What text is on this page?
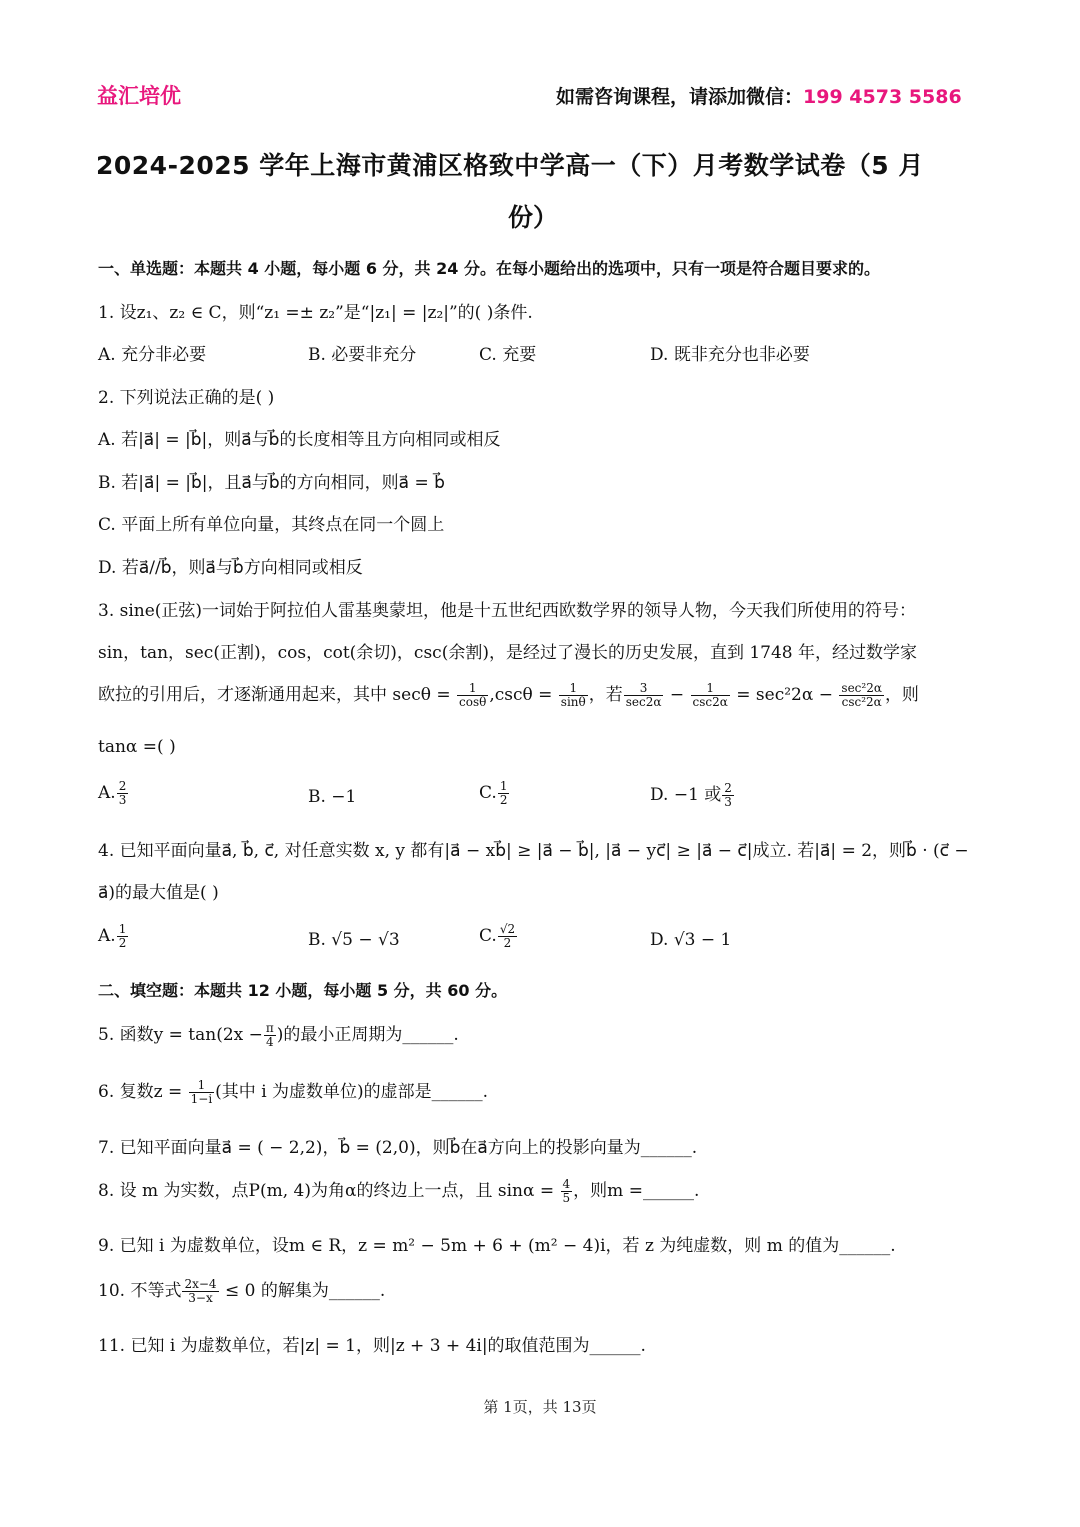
益汇培优	如需咨询课程，请添加微信：199 4573 5586
2024-2025 学年上海市黄浦区格致中学高一（下）月考数学试卷（5 月
份）
一、单选题：本题共 4 小题，每小题 6 分，共 24 分。在每小题给出的选项中，只有一项是符合题目要求的。
1. 设z₁、z₂ ∈ C，则“z₁ =± z₂”是“|z₁| = |z₂|”的( )条件.
A. 充分非必要	B. 必要非充分	C. 充要	D. 既非充分也非必要
2. 下列说法正确的是( )
A. 若|a⃗| = |b⃗|，则a⃗与b⃗的长度相等且方向相同或相反
B. 若|a⃗| = |b⃗|，且a⃗与b⃗的方向相同，则a⃗ = b⃗
C. 平面上所有单位向量，其终点在同一个圆上
D. 若a⃗//b⃗，则a⃗与b⃗方向相同或相反
3. sine(正弦)一词始于阿拉伯人雷基奥蒙坦，他是十五世纪西欧数学界的领导人物，今天我们所使用的符号：
sin，tan，sec(正割)，cos，cot(余切)，csc(余割)，是经过了漫长的历史发展，直到 1748 年，经过数学家
欧拉的引用后，才逐渐通用起来，其中 $\sec\theta = \frac{1}{\cos\theta} ,\csc\theta = \frac{1}{\sin\theta}$ ，若 $\frac{3}{\sec 2\alpha} - \frac{1}{\csc 2\alpha} = \sec^22\alpha - \frac{\text{sec²2α}}{\text{csc²2α}}$ ，则
tanα =( )
A. $\frac{2}{3}$	B. −1	C. $\frac{1}{2}$	D. −1 或 $\frac{2}{3}$
4. 已知平面向量a⃗, b⃗, c⃗, 对任意实数 x, y 都有|a⃗ − xb⃗| ≥ |a⃗ − b⃗|, |a⃗ − yc⃗| ≥ |a⃗ − c⃗|成立. 若|a⃗| = 2，则b⃗ · (c⃗ −
a⃗)的最大值是( )
A. $\frac{1}{2}$	B. √5 − √3	C. $\frac{√2}{2}$	D. √3 − 1
二、填空题：本题共 12 小题，每小题 5 分，共 60 分。
5. 函数$y = \tan(2x - \frac{\pi}{4}$ )的最小正周期为______.
6. 复数$z = \frac{1}{1-i}$ (其中 i 为虚数单位)的虚部是______.
7. 已知平面向量a⃗ = ( − 2,2)，b⃗ = (2,0)，则b⃗在a⃗方向上的投影向量为______.
8. 设 m 为实数，点P(m, 4)为角α的终边上一点，且 $\sin\alpha = \frac{4}{5}$ ，则m =______.
9. 已知 i 为虚数单位，设m ∈ R，z = m² − 5m + 6 + (m² − 4)i，若 z 为纯虚数，则 m 的值为______.
10. 不等式 $\frac{2x-4}{3-x} \le 0$ 的解集为______.
11. 已知 i 为虚数单位，若|z| = 1，则|z + 3 + 4i|的取值范围为______.
第 1页，共 13页
